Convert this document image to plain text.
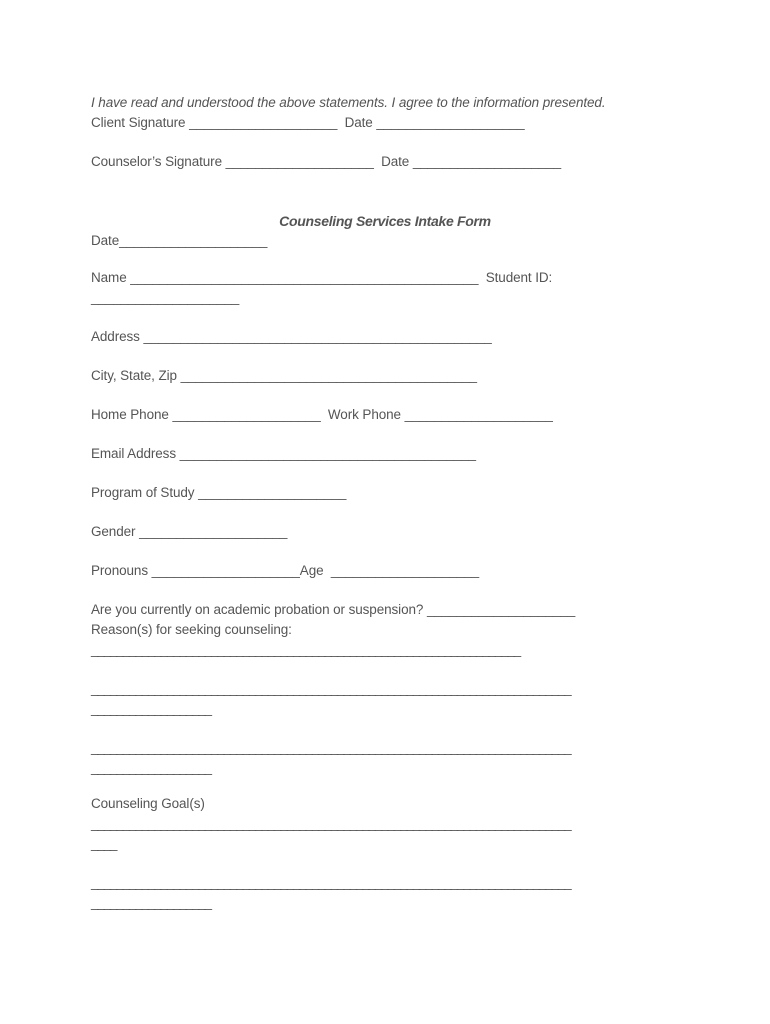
I have read and understood the above statements. I agree to the information presented.
Client Signature ____________________  Date ____________________
Counselor’s Signature ____________________  Date ____________________
Counseling Services Intake Form
Date____________________
Name _______________________________________________  Student ID:
____________________
Address _______________________________________________
City, State, Zip ________________________________________
Home Phone ____________________  Work Phone ____________________
Email Address ________________________________________
Program of Study ____________________
Gender ____________________
Pronouns ____________________Age  ____________________
Are you currently on academic probation or suspension? ____________________
Reason(s) for seeking counseling:
____________________________________________________________________
____________________________________________________________________________
___________________
____________________________________________________________________________
___________________
Counseling Goal(s)
____________________________________________________________________________
____
____________________________________________________________________________
___________________
